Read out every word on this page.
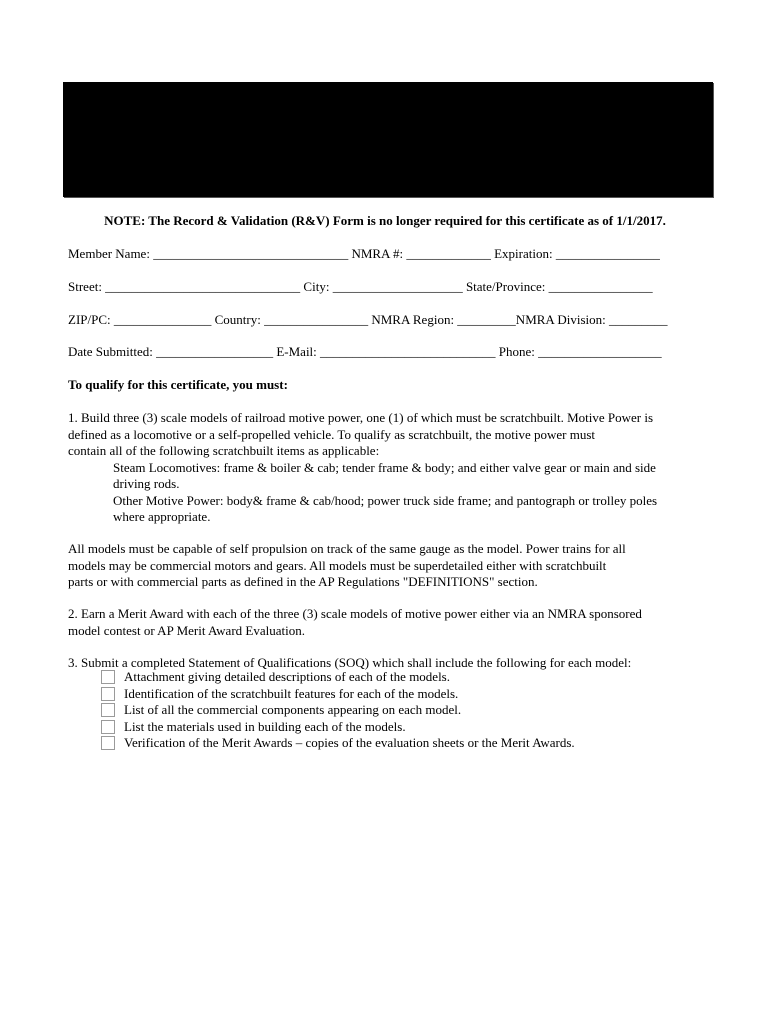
NOTE: The Record & Validation (R&V) Form is no longer required for this certificate as of 1/1/2017.
Member Name: ______________________________ NMRA #: _____________ Expiration: ________________
Street: ______________________________ City: ____________________ State/Province: ________________
ZIP/PC: _______________ Country: ________________ NMRA Region: _________NMRA Division: _________
Date Submitted: __________________ E-Mail: ___________________________ Phone: ___________________
To qualify for this certificate, you must:
1. Build three (3) scale models of railroad motive power, one (1) of which must be scratchbuilt. Motive Power is
defined as a locomotive or a self-propelled vehicle. To qualify as scratchbuilt, the motive power must
contain all of the following scratchbuilt items as applicable:
Steam Locomotives: frame & boiler & cab; tender frame & body; and either valve gear or main and side
driving rods.
Other Motive Power: body& frame & cab/hood; power truck side frame; and pantograph or trolley poles
where appropriate.
All models must be capable of self propulsion on track of the same gauge as the model. Power trains for all
models may be commercial motors and gears. All models must be superdetailed either with scratchbuilt
parts or with commercial parts as defined in the AP Regulations "DEFINITIONS" section.
2. Earn a Merit Award with each of the three (3) scale models of motive power either via an NMRA sponsored
model contest or AP Merit Award Evaluation.
3. Submit a completed Statement of Qualifications (SOQ) which shall include the following for each model:
Attachment giving detailed descriptions of each of the models.
Identification of the scratchbuilt features for each of the models.
List of all the commercial components appearing on each model.
List the materials used in building each of the models.
Verification of the Merit Awards – copies of the evaluation sheets or the Merit Awards.
